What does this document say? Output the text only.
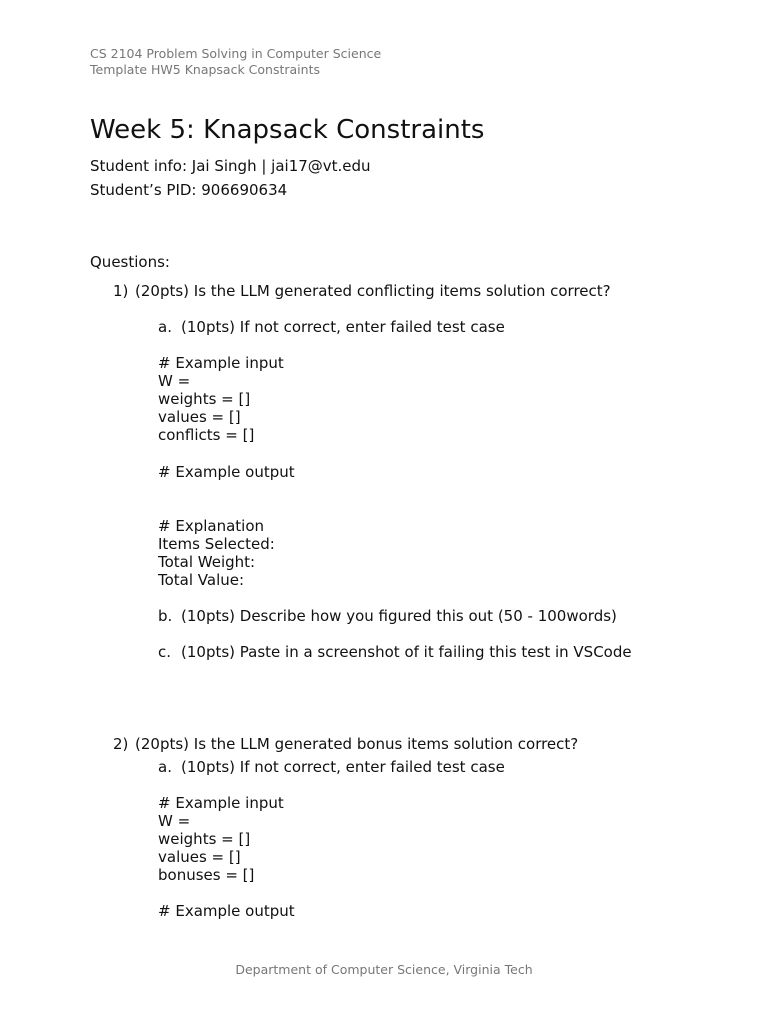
CS 2104 Problem Solving in Computer Science
Template HW5 Knapsack Constraints
Week 5: Knapsack Constraints
Student info: Jai Singh | jai17@vt.edu
Student’s PID: 906690634
Questions:
1) (20pts) Is the LLM generated conflicting items solution correct?
a. (10pts) If not correct, enter failed test case
# Example input
W =
weights = []
values = []
conflicts = []
# Example output
# Explanation
Items Selected:
Total Weight:
Total Value:
b. (10pts) Describe how you figured this out (50 - 100words)
c. (10pts) Paste in a screenshot of it failing this test in VSCode
2) (20pts) Is the LLM generated bonus items solution correct?
a. (10pts) If not correct, enter failed test case
# Example input
W =
weights = []
values = []
bonuses = []
# Example output
Department of Computer Science, Virginia Tech
